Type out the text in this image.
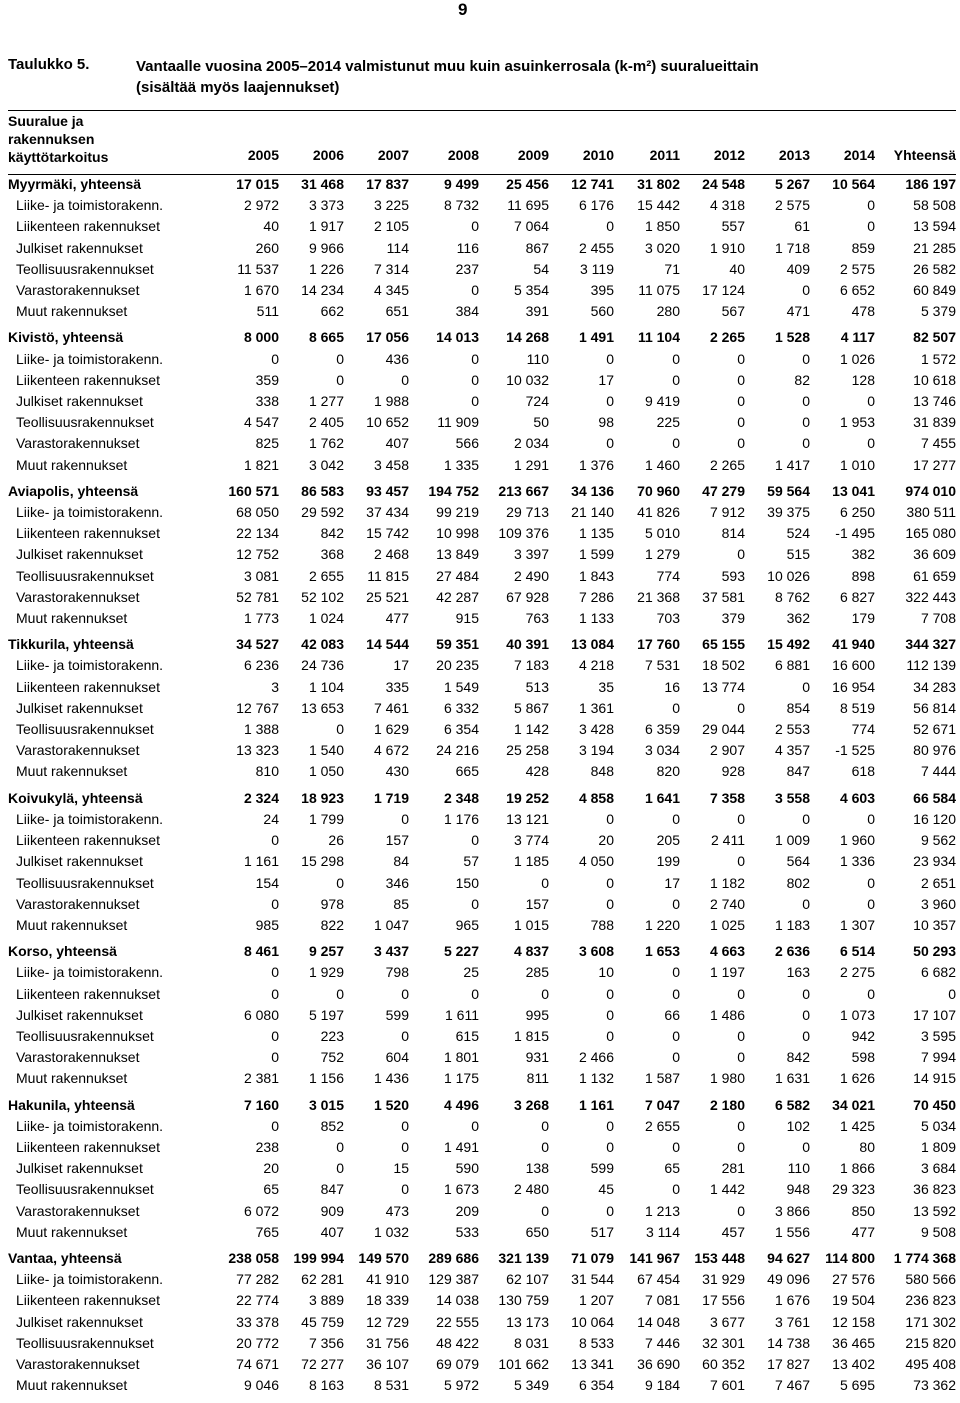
9
Taulukko 5.	Vantaalle vuosina 2005–2014 valmistunut muu kuin asuinkerrosala (k-m²) suuralueittain
(sisältää myös laajennukset)
Suuralue ja
rakennuksen
käyttötarkoitus	2005	2006	2007	2008	2009	2010	2011	2012	2013	2014	Yhteensä

Myyrmäki, yhteensä	17 015	31 468	17 837	9 499	25 456	12 741	31 802	24 548	5 267	10 564	186 197
Liike- ja toimistorakenn.	2 972	3 373	3 225	8 732	11 695	6 176	15 442	4 318	2 575	0	58 508
Liikenteen rakennukset	40	1 917	2 105	0	7 064	0	1 850	557	61	0	13 594
Julkiset rakennukset	260	9 966	114	116	867	2 455	3 020	1 910	1 718	859	21 285
Teollisuusrakennukset	11 537	1 226	7 314	237	54	3 119	71	40	409	2 575	26 582
Varastorakennukset	1 670	14 234	4 345	0	5 354	395	11 075	17 124	0	6 652	60 849
Muut rakennukset	511	662	651	384	391	560	280	567	471	478	5 379

Kivistö, yhteensä	8 000	8 665	17 056	14 013	14 268	1 491	11 104	2 265	1 528	4 117	82 507
Liike- ja toimistorakenn.	0	0	436	0	110	0	0	0	0	1 026	1 572
Liikenteen rakennukset	359	0	0	0	10 032	17	0	0	82	128	10 618
Julkiset rakennukset	338	1 277	1 988	0	724	0	9 419	0	0	0	13 746
Teollisuusrakennukset	4 547	2 405	10 652	11 909	50	98	225	0	0	1 953	31 839
Varastorakennukset	825	1 762	407	566	2 034	0	0	0	0	0	7 455
Muut rakennukset	1 821	3 042	3 458	1 335	1 291	1 376	1 460	2 265	1 417	1 010	17 277

Aviapolis, yhteensä	160 571	86 583	93 457	194 752	213 667	34 136	70 960	47 279	59 564	13 041	974 010
Liike- ja toimistorakenn.	68 050	29 592	37 434	99 219	29 713	21 140	41 826	7 912	39 375	6 250	380 511
Liikenteen rakennukset	22 134	842	15 742	10 998	109 376	1 135	5 010	814	524	-1 495	165 080
Julkiset rakennukset	12 752	368	2 468	13 849	3 397	1 599	1 279	0	515	382	36 609
Teollisuusrakennukset	3 081	2 655	11 815	27 484	2 490	1 843	774	593	10 026	898	61 659
Varastorakennukset	52 781	52 102	25 521	42 287	67 928	7 286	21 368	37 581	8 762	6 827	322 443
Muut rakennukset	1 773	1 024	477	915	763	1 133	703	379	362	179	7 708

Tikkurila, yhteensä	34 527	42 083	14 544	59 351	40 391	13 084	17 760	65 155	15 492	41 940	344 327
Liike- ja toimistorakenn.	6 236	24 736	17	20 235	7 183	4 218	7 531	18 502	6 881	16 600	112 139
Liikenteen rakennukset	3	1 104	335	1 549	513	35	16	13 774	0	16 954	34 283
Julkiset rakennukset	12 767	13 653	7 461	6 332	5 867	1 361	0	0	854	8 519	56 814
Teollisuusrakennukset	1 388	0	1 629	6 354	1 142	3 428	6 359	29 044	2 553	774	52 671
Varastorakennukset	13 323	1 540	4 672	24 216	25 258	3 194	3 034	2 907	4 357	-1 525	80 976
Muut rakennukset	810	1 050	430	665	428	848	820	928	847	618	7 444

Koivukylä, yhteensä	2 324	18 923	1 719	2 348	19 252	4 858	1 641	7 358	3 558	4 603	66 584
Liike- ja toimistorakenn.	24	1 799	0	1 176	13 121	0	0	0	0	0	16 120
Liikenteen rakennukset	0	26	157	0	3 774	20	205	2 411	1 009	1 960	9 562
Julkiset rakennukset	1 161	15 298	84	57	1 185	4 050	199	0	564	1 336	23 934
Teollisuusrakennukset	154	0	346	150	0	0	17	1 182	802	0	2 651
Varastorakennukset	0	978	85	0	157	0	0	2 740	0	0	3 960
Muut rakennukset	985	822	1 047	965	1 015	788	1 220	1 025	1 183	1 307	10 357

Korso, yhteensä	8 461	9 257	3 437	5 227	4 837	3 608	1 653	4 663	2 636	6 514	50 293
Liike- ja toimistorakenn.	0	1 929	798	25	285	10	0	1 197	163	2 275	6 682
Liikenteen rakennukset	0	0	0	0	0	0	0	0	0	0	0
Julkiset rakennukset	6 080	5 197	599	1 611	995	0	66	1 486	0	1 073	17 107
Teollisuusrakennukset	0	223	0	615	1 815	0	0	0	0	942	3 595
Varastorakennukset	0	752	604	1 801	931	2 466	0	0	842	598	7 994
Muut rakennukset	2 381	1 156	1 436	1 175	811	1 132	1 587	1 980	1 631	1 626	14 915

Hakunila, yhteensä	7 160	3 015	1 520	4 496	3 268	1 161	7 047	2 180	6 582	34 021	70 450
Liike- ja toimistorakenn.	0	852	0	0	0	0	2 655	0	102	1 425	5 034
Liikenteen rakennukset	238	0	0	1 491	0	0	0	0	0	80	1 809
Julkiset rakennukset	20	0	15	590	138	599	65	281	110	1 866	3 684
Teollisuusrakennukset	65	847	0	1 673	2 480	45	0	1 442	948	29 323	36 823
Varastorakennukset	6 072	909	473	209	0	0	1 213	0	3 866	850	13 592
Muut rakennukset	765	407	1 032	533	650	517	3 114	457	1 556	477	9 508

Vantaa, yhteensä	238 058	199 994	149 570	289 686	321 139	71 079	141 967	153 448	94 627	114 800	1 774 368
Liike- ja toimistorakenn.	77 282	62 281	41 910	129 387	62 107	31 544	67 454	31 929	49 096	27 576	580 566
Liikenteen rakennukset	22 774	3 889	18 339	14 038	130 759	1 207	7 081	17 556	1 676	19 504	236 823
Julkiset rakennukset	33 378	45 759	12 729	22 555	13 173	10 064	14 048	3 677	3 761	12 158	171 302
Teollisuusrakennukset	20 772	7 356	31 756	48 422	8 031	8 533	7 446	32 301	14 738	36 465	215 820
Varastorakennukset	74 671	72 277	36 107	69 079	101 662	13 341	36 690	60 352	17 827	13 402	495 408
Muut rakennukset	9 046	8 163	8 531	5 972	5 349	6 354	9 184	7 601	7 467	5 695	73 362
